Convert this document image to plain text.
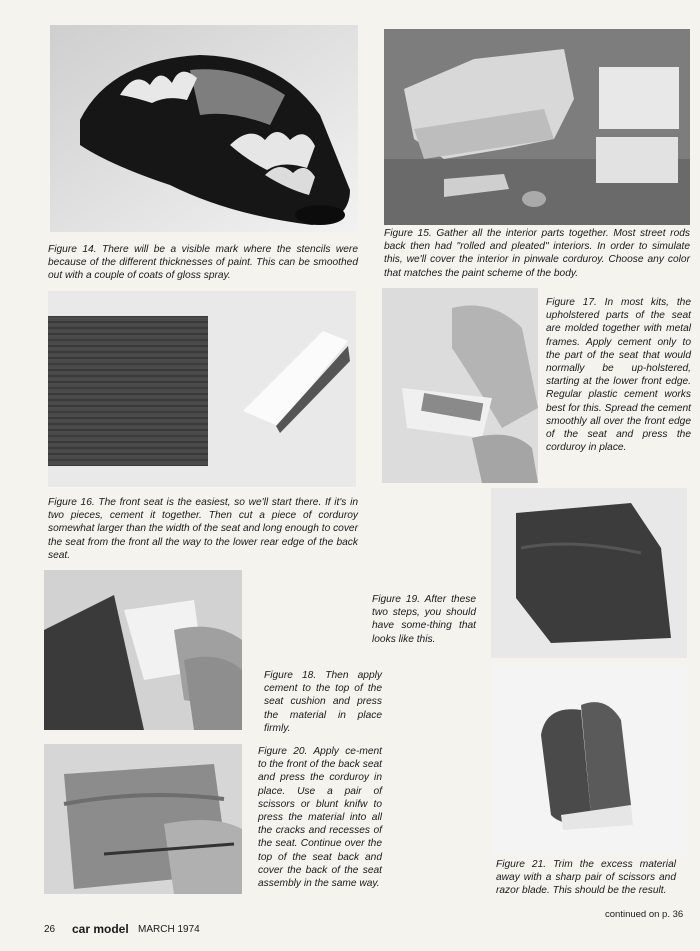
Figure 14. There will be a visible mark where the stencils were because of the different thicknesses of paint. This can be smoothed out with a couple of coats of gloss spray.

Figure 15. Gather all the interior parts together. Most street rods back then had "rolled and pleated" interiors. In order to simulate this, we'll cover the interior in pinwale corduroy. Choose any color that matches the paint scheme of the body.

Figure 17. In most kits, the upholstered parts of the seat are molded together with metal frames. Apply cement only to the part of the seat that would normally be up-holstered, starting at the lower front edge. Regular plastic cement works best for this. Spread the cement smoothly all over the front edge of the seat and press the corduroy in place.

Figure 16. The front seat is the easiest, so we'll start there. If it's in two pieces, cement it together. Then cut a piece of corduroy somewhat larger than the width of the seat and long enough to cover the seat from the front all the way to the lower rear edge of the back seat.

Figure 19. After these two steps, you should have some-thing that looks like this.

Figure 18. Then apply cement to the top of the seat cushion and press the material in place firmly.

Figure 20. Apply ce-ment to the front of the back seat and press the corduroy in place. Use a pair of scissors or blunt knifw to press the material into all the cracks and recesses of the seat. Continue over the top of the seat back and cover the back of the seat assembly in the same way.

Figure 21. Trim the excess material away with a sharp pair of scissors and razor blade. This should be the result.

26 car model MARCH 1974
continued on p. 36
